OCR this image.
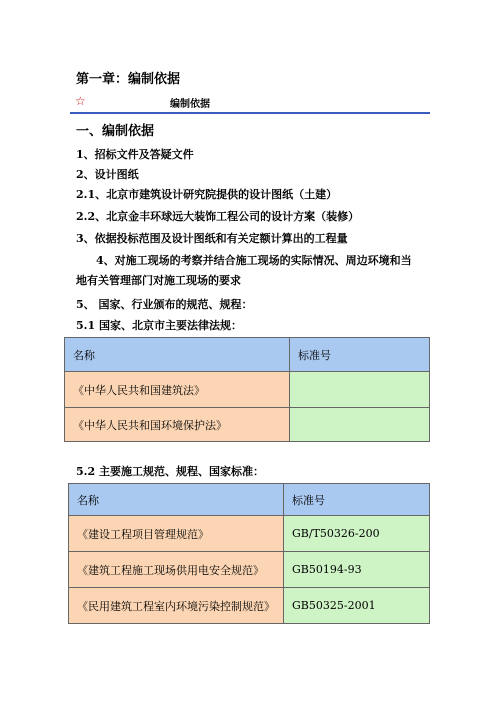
第一章：编制依据
☆	编制依据
一、编制依据
1、招标文件及答疑文件
2、设计图纸
2.1、北京市建筑设计研究院提供的设计图纸（土建）
2.2、北京金丰环球远大装饰工程公司的设计方案（装修）
3、依据投标范围及设计图纸和有关定额计算出的工程量
4、对施工现场的考察并结合施工现场的实际情况、周边环境和当
地有关管理部门对施工现场的要求
5、 国家、行业颁布的规范、规程：
5.1 国家、北京市主要法律法规：
名称	标准号
《中华人民共和国建筑法》	
《中华人民共和国环境保护法》	
5.2 主要施工规范、规程、国家标准：
名称	标准号
《建设工程项目管理规范》	GB/T50326-200
《建筑工程施工现场供用电安全规范》	GB50194-93
《民用建筑工程室内环境污染控制规范》	GB50325-2001
